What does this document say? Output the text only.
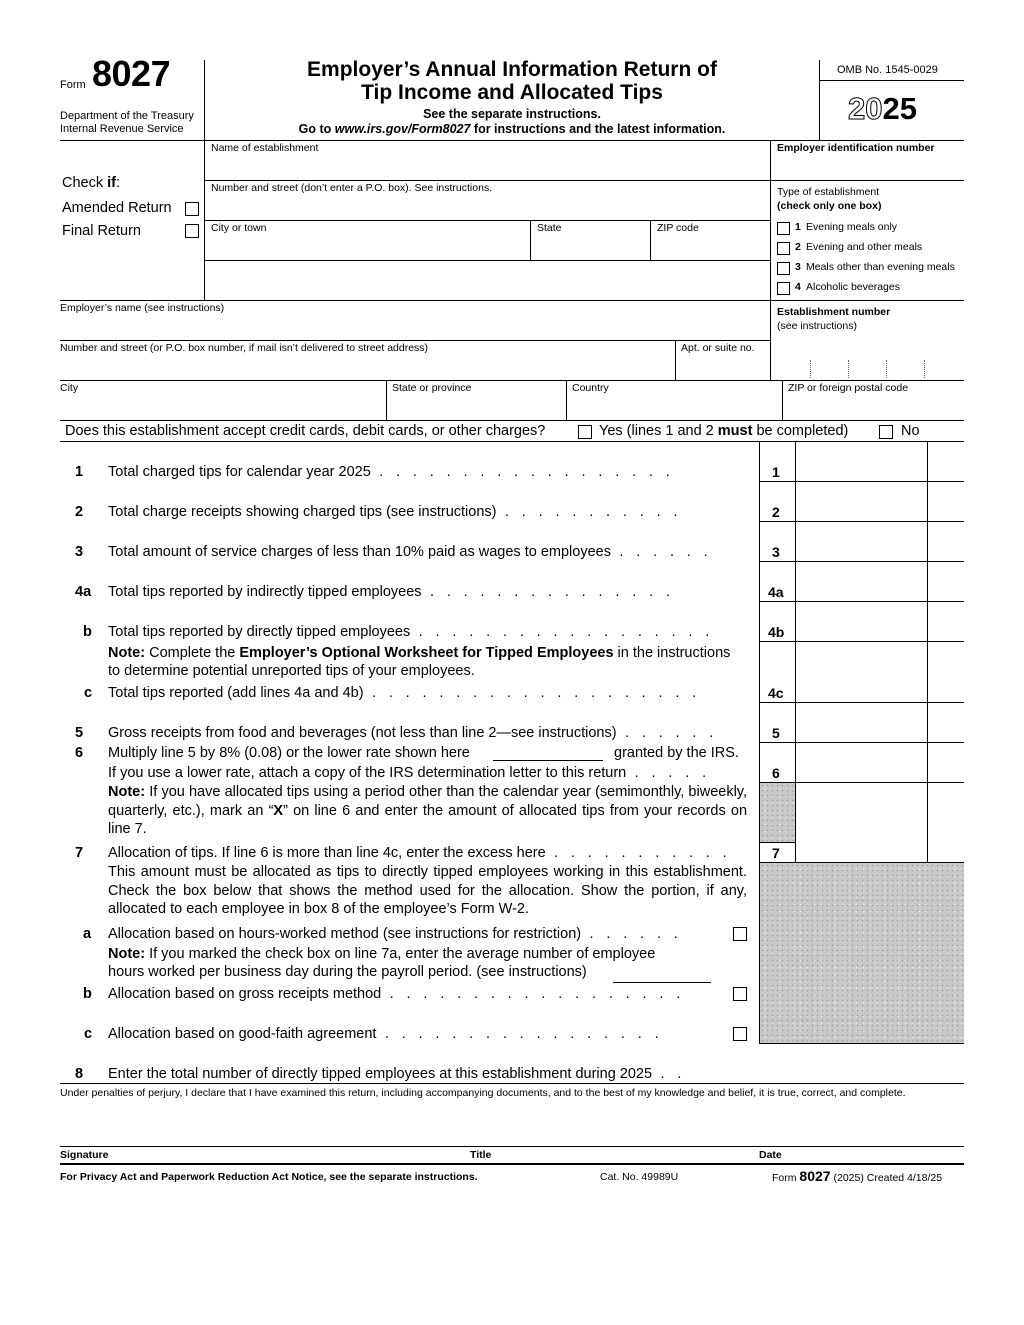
Form 8027
Department of the Treasury
Internal Revenue Service
Employer’s Annual Information Return of
Tip Income and Allocated Tips
See the separate instructions.
Go to www.irs.gov/Form8027 for instructions and the latest information.
OMB No. 1545-0029
2025
Name of establishment
Number and street (don’t enter a P.O. box). See instructions.
City or town	State	ZIP code
Check if:
Amended Return
Final Return
Employer identification number
Type of establishment
(check only one box)
1 Evening meals only
2 Evening and other meals
3 Meals other than evening meals
4 Alcoholic beverages
Employer’s name (see instructions)	Establishment number
(see instructions)
Number and street (or P.O. box number, if mail isn’t delivered to street address)	Apt. or suite no.
City	State or province	Country	ZIP or foreign postal code
Does this establishment accept credit cards, debit cards, or other charges?	Yes (lines 1 and 2 must be completed)	No
1
2
3
4a
4b
4c
5
6
7
1 Total charged tips for calendar year 2025 . . . . . . . . . . . . . . . . . .
2 Total charge receipts showing charged tips (see instructions) . . . . . . . . . . .
3 Total amount of service charges of less than 10% paid as wages to employees . . . . . .
4a Total tips reported by indirectly tipped employees . . . . . . . . . . . . . . .
b Total tips reported by directly tipped employees . . . . . . . . . . . . . . . . . .
Note: Complete the Employer’s Optional Worksheet for Tipped Employees in the instructions
to determine potential unreported tips of your employees.
c Total tips reported (add lines 4a and 4b) . . . . . . . . . . . . . . . . . . . .
5 Gross receipts from food and beverages (not less than line 2—see instructions) . . . . . .
6 Multiply line 5 by 8% (0.08) or the lower rate shown here	granted by the IRS.
If you use a lower rate, attach a copy of the IRS determination letter to this return . . . . .
Note: If you have allocated tips using a period other than the calendar year (semimonthly, biweekly, quarterly, etc.), mark an “X” on line 6 and enter the amount of allocated tips from your records on line 7.
7 Allocation of tips. If line 6 is more than line 4c, enter the excess here . . . . . . . . . . .
This amount must be allocated as tips to directly tipped employees working in this establishment. Check the box below that shows the method used for the allocation. Show the portion, if any, allocated to each employee in box 8 of the employee’s Form W-2.
a Allocation based on hours-worked method (see instructions for restriction) . . . . . .
Note: If you marked the check box on line 7a, enter the average number of employee
hours worked per business day during the payroll period. (see instructions)
b Allocation based on gross receipts method . . . . . . . . . . . . . . . . . .
c Allocation based on good-faith agreement . . . . . . . . . . . . . . . . .
8 Enter the total number of directly tipped employees at this establishment during 2025 . .
Under penalties of perjury, I declare that I have examined this return, including accompanying documents, and to the best of my knowledge and belief, it is true, correct, and complete.
Signature	Title	Date
For Privacy Act and Paperwork Reduction Act Notice, see the separate instructions.	Cat. No. 49989U	Form 8027 (2025) Created 4/18/25
